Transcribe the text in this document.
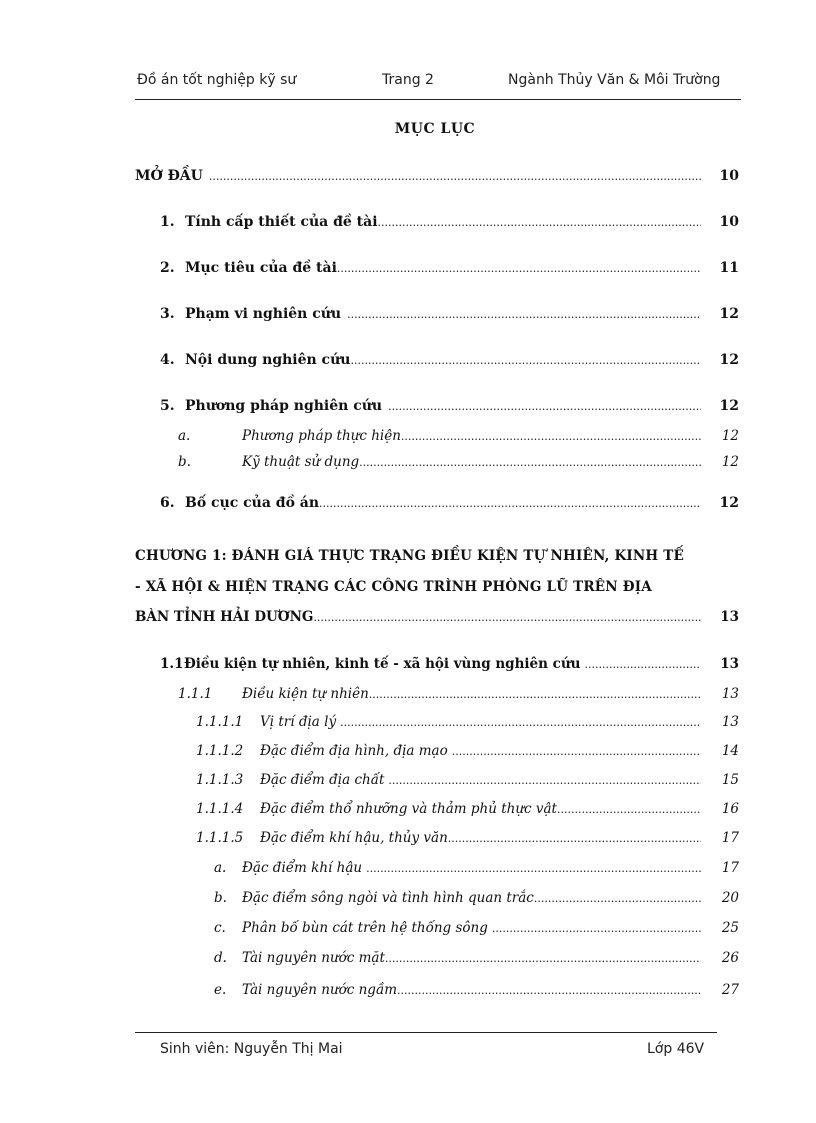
Đồ án tốt nghiệp kỹ sư	Trang 2	Ngành Thủy Văn & Môi Trường
MỤC LỤC
MỞ ĐẦU .....	10
1. Tính cấp thiết của đề tài .....	10
2. Mục tiêu của đề tài .....	11
3. Phạm vi nghiên cứu .....	12
4. Nội dung nghiên cứu .....	12
5. Phương pháp nghiên cứu .....	12
a.	Phương pháp thực hiện .....	12
b.	Kỹ thuật sử dụng .....	12
6. Bố cục của đồ án .....	12
CHƯƠNG 1: ĐÁNH GIÁ THỰC TRẠNG ĐIỀU KIỆN TỰ NHIÊN, KINH TẾ
- XÃ HỘI & HIỆN TRẠNG CÁC CÔNG TRÌNH PHÒNG LŨ TRÊN ĐỊA
BÀN TỈNH HẢI DƯƠNG .....	13
1.1 Điều kiện tự nhiên, kinh tế - xã hội vùng nghiên cứu .....	13
1.1.1	Điều kiện tự nhiên .....	13
1.1.1.1	Vị trí địa lý .....	13
1.1.1.2	Đặc điểm địa hình, địa mạo .....	14
1.1.1.3	Đặc điểm địa chất .....	15
1.1.1.4	Đặc điểm thổ nhưỡng và thảm phủ thực vật .....	16
1.1.1.5	Đặc điểm khí hậu, thủy văn .....	17
a.	Đặc điểm khí hậu .....	17
b.	Đặc điểm sông ngòi và tình hình quan trắc .....	20
c.	Phân bố bùn cát trên hệ thống sông .....	25
d.	Tài nguyên nước mặt .....	26
e.	Tài nguyên nước ngầm .....	27
Sinh viên: Nguyễn Thị Mai	Lớp 46V
